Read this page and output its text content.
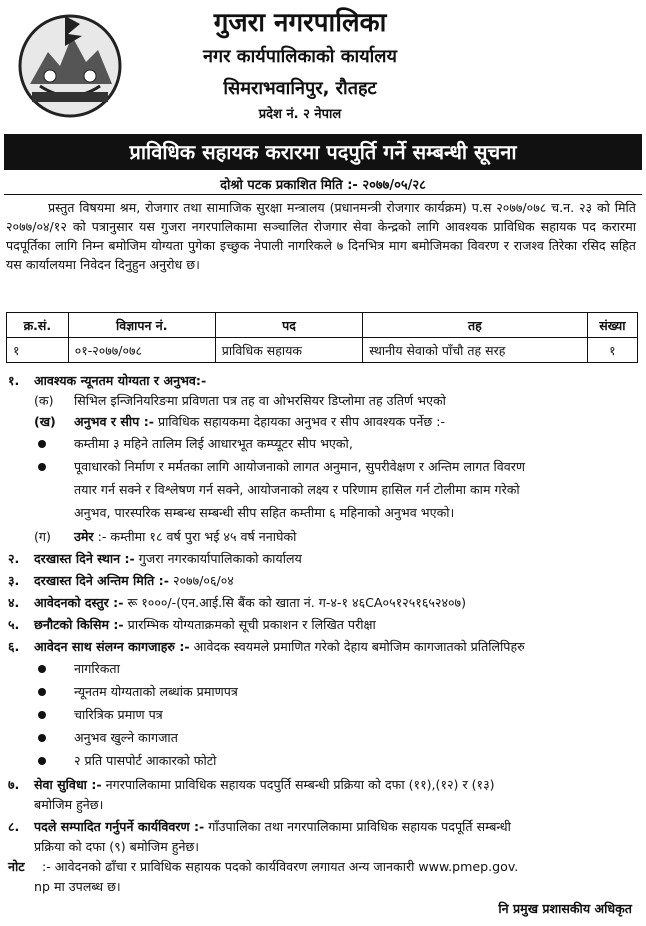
गुजरा नगरपालिका
नगर कार्यपालिकाको कार्यालय
सिमराभवानिपुर, रौतहट
प्रदेश नं. २ नेपाल
प्राविधिक सहायक करारमा पदपुर्ति गर्ने सम्बन्धी सूचना
दोश्रो पटक प्रकाशित मिति :- २०७७/०५/२८
प्रस्तुत विषयमा श्रम, रोजगार तथा सामाजिक सुरक्षा मन्त्रालय (प्रधानमन्त्री रोजगार कार्यक्रम) प.स २०७७/०७८ च.न. २३ को मिति २०७७/०४/१२ को पत्रानुसार यस गुजरा नगरपालिकामा सञ्चालित रोजगार सेवा केन्द्रको लागि आवश्यक प्राविधिक सहायक पद करारमा पदपूर्तिका लागि निम्न बमोजिम योग्यता पुगेका इच्छुक नेपाली नागरिकले ७ दिनभित्र माग बमोजिमका विवरण र राजश्व तिरेका रसिद सहित यस कार्यालयमा निवेदन दिनुहुन अनुरोध छ।
क्र.सं.	विज्ञापन नं.	पद	तह	संख्या
१	०१-२०७७/०७८	प्राविधिक सहायक	स्थानीय सेवाको पाँचौ तह सरह	१
१. आवश्यक न्यूनतम योग्यता र अनुभव:-
(क) सिभिल इन्जिनियरिङमा प्रविणता पत्र तह वा ओभरसियर डिप्लोमा तह उतिर्ण भएको
(ख) अनुभव र सीप :- प्राविधिक सहायकमा देहायका अनुभव र सीप आवश्यक पर्नेछ :-
कम्तीमा ३ महिने तालिम लिई आधारभूत कम्प्यूटर सीप भएको,
पूवाधारको निर्माण र मर्मतका लागि आयोजनाको लागत अनुमान, सुपरीवेक्षण र अन्तिम लागत विवरण
तयार गर्न सक्ने र विश्लेषण गर्न सक्ने, आयोजनाको लक्ष्य र परिणाम हासिल गर्न टोलीमा काम गरेको
अनुभव, पारस्परिक सम्बन्ध सम्बन्धी सीप सहित कम्तीमा ६ महिनाको अनुभव भएको।
(ग) उमेर :- कम्तीमा १८ वर्ष पुरा भई ४५ वर्ष ननाघेको
२. दरखास्त दिने स्थान :- गुजरा नगरकार्यापालिकाको कार्यालय
३. दरखास्त दिने अन्तिम मिति :- २०७७/०६/०४
४. आवेदनको दस्तुर :- रू १०००/-(एन.आई.सि बैंक को खाता नं. ग-४-१ ४६CA०५१२५१६५२४०७)
५. छनौटको किसिम :- प्रारम्भिक योग्यताक्रमको सूची प्रकाशन र लिखित परीक्षा
६. आवेदन साथ संलग्न कागजाहरु :- आवेदक स्वयमले प्रमाणित गरेको देहाय बमोजिम कागजातको प्रतिलिपिहरु
नागरिकता
न्यूनतम योग्यताको लब्धांक प्रमाणपत्र
चारित्रिक प्रमाण पत्र
अनुभव खुल्ने कागजात
२ प्रति पासपोर्ट आकारको फोटो
७. सेवा सुविधा :- नगरपालिकामा प्राविधिक सहायक पदपुर्ति सम्बन्धी प्रक्रिया को दफा (११),(१२) र (१३)
बमोजिम हुनेछ।
८. पदले सम्पादित गर्नुपर्ने कार्यविवरण :- गाँउपालिका तथा नगरपालिकामा प्राविधिक सहायक पदपूर्ति सम्बन्धी
प्रक्रिया को दफा (९) बमोजिम हुनेछ।
नोट :- आवेदनको ढाँचा र प्राविधिक सहायक पदको कार्यविवरण लगायत अन्य जानकारी www.pmep.gov.
np मा उपलब्ध छ।
नि प्रमुख प्रशासकीय अधिकृत
